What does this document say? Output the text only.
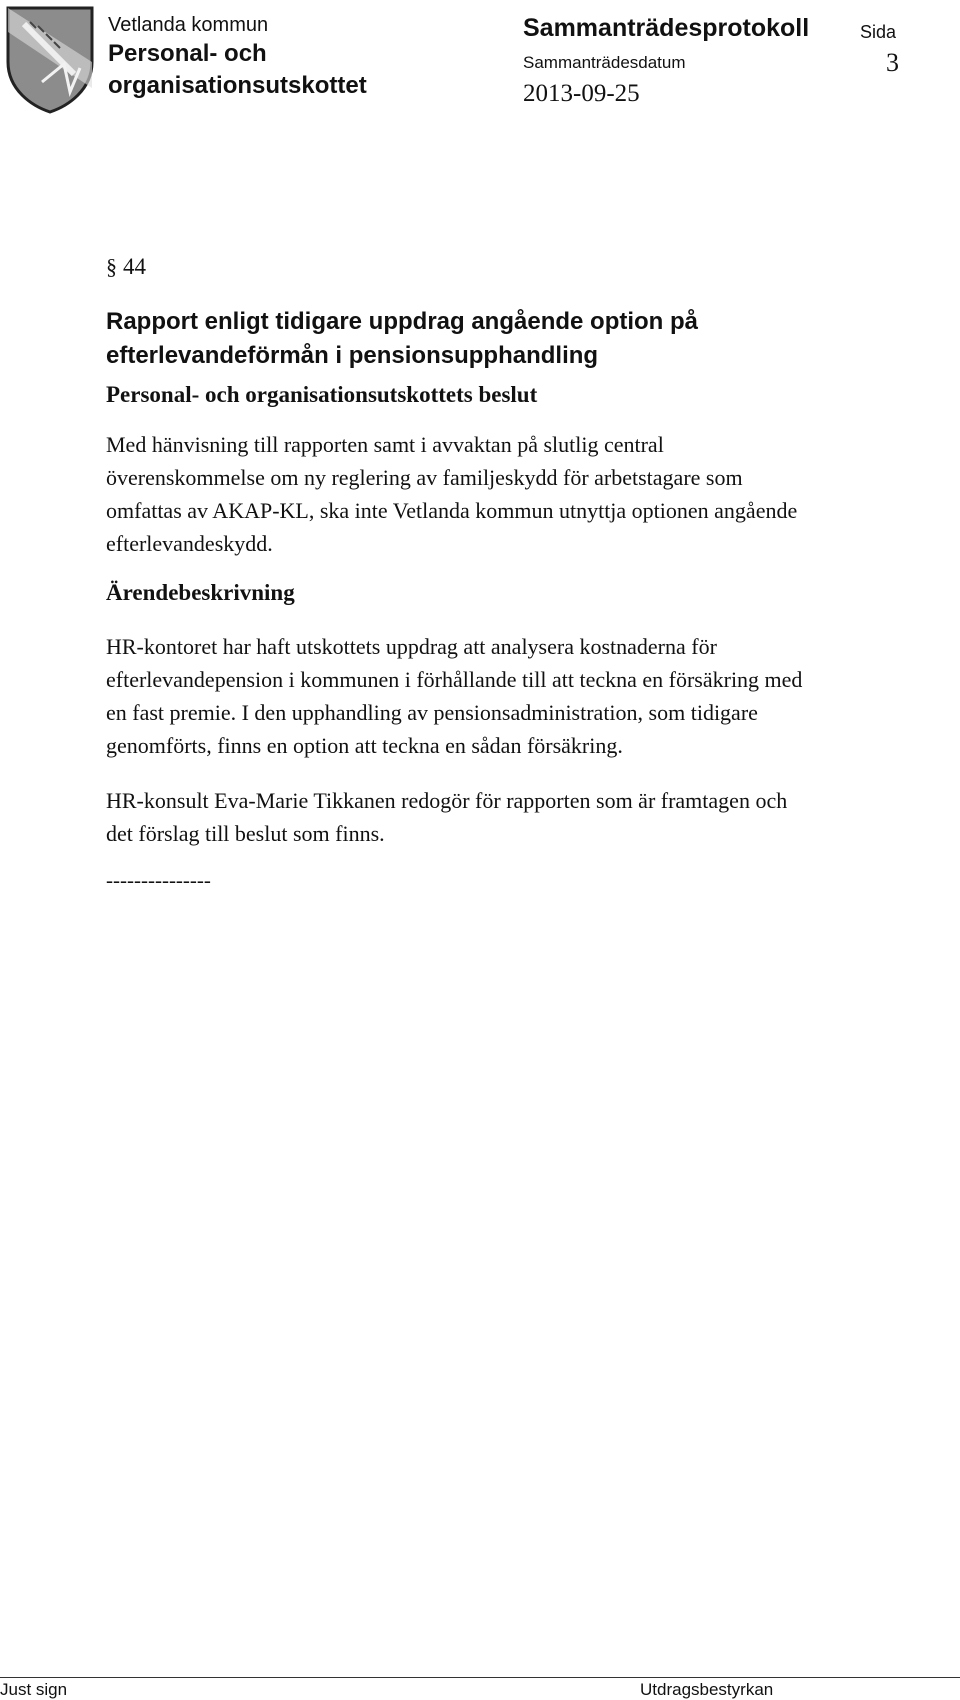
Vetlanda kommun
Personal- och
organisationsutskottet
Sammanträdesprotokoll	Sida
Sammanträdesdatum	3
2013-09-25
§ 44
Rapport enligt tidigare uppdrag angående option på
efterlevandeförmån i pensionsupphandling
Personal- och organisationsutskottets beslut
Med hänvisning till rapporten samt i avvaktan på slutlig central
överenskommelse om ny reglering av familjeskydd för arbetstagare som
omfattas av AKAP-KL, ska inte Vetlanda kommun utnyttja optionen angående
efterlevandeskydd.
Ärendebeskrivning
HR-kontoret har haft utskottets uppdrag att analysera kostnaderna för
efterlevandepension i kommunen i förhållande till att teckna en försäkring med
en fast premie. I den upphandling av pensionsadministration, som tidigare
genomförts, finns en option att teckna en sådan försäkring.
HR-konsult Eva-Marie Tikkanen redogör för rapporten som är framtagen och
det förslag till beslut som finns.
---------------
Just sign	Utdragsbestyrkan
